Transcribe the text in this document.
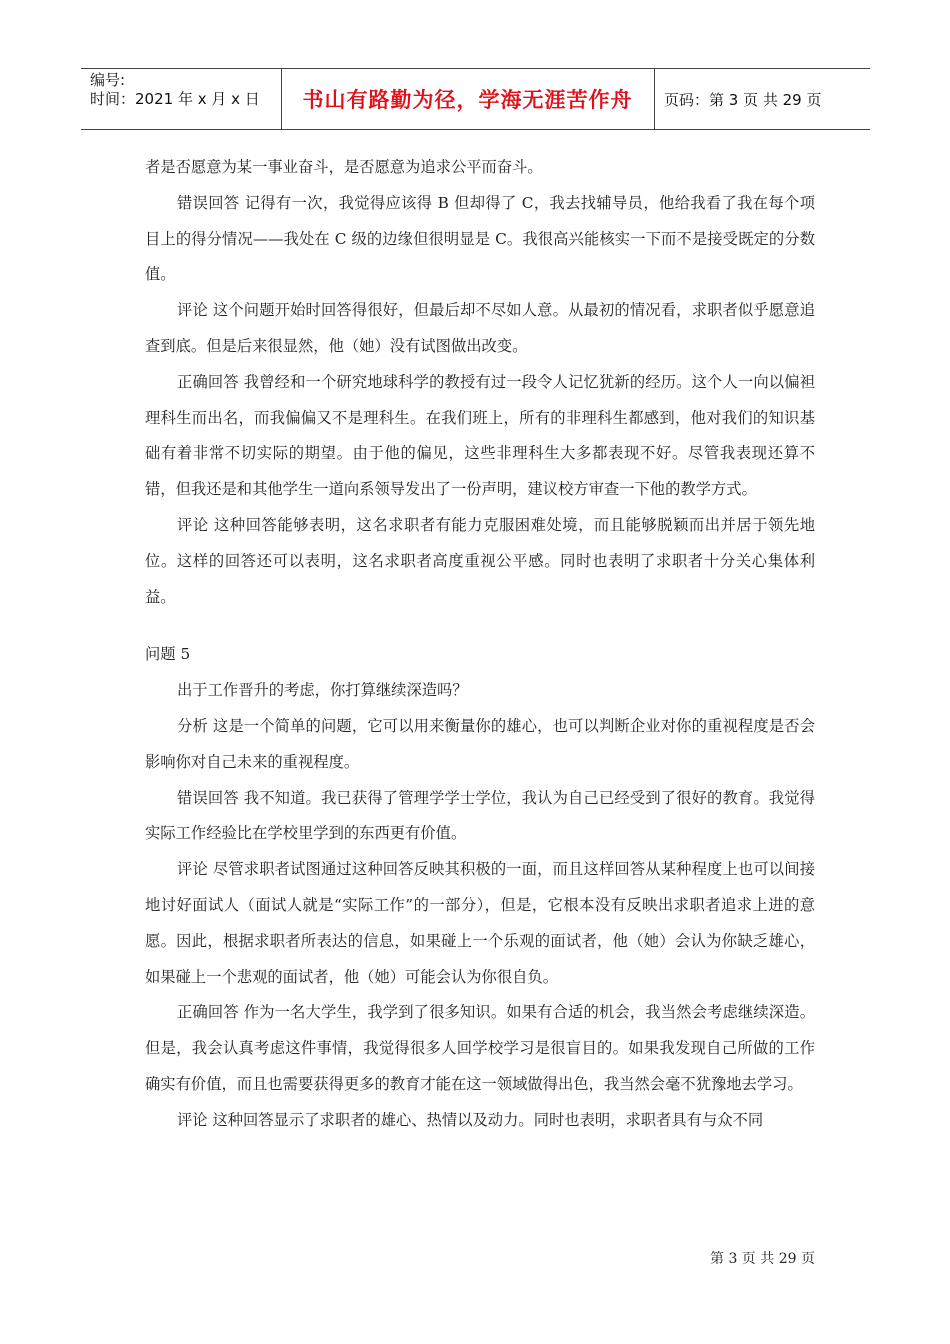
编号:
时间：2021 年 x 月 x 日 书山有路勤为径，学海无涯苦作舟 页码：第 3 页 共 29 页

者是否愿意为某一事业奋斗，是否愿意为追求公平而奋斗。

错误回答 记得有一次，我觉得应该得 B 但却得了 C，我去找辅导员，他给我看了我在每个项目上的得分情况——我处在 C 级的边缘但很明显是 C。我很高兴能核实一下而不是接受既定的分数值。

评论 这个问题开始时回答得很好，但最后却不尽如人意。从最初的情况看，求职者似乎愿意追查到底。但是后来很显然，他（她）没有试图做出改变。

正确回答 我曾经和一个研究地球科学的教授有过一段令人记忆犹新的经历。这个人一向以偏袒理科生而出名，而我偏偏又不是理科生。在我们班上，所有的非理科生都感到，他对我们的知识基础有着非常不切实际的期望。由于他的偏见，这些非理科生大多都表现不好。尽管我表现还算不错，但我还是和其他学生一道向系领导发出了一份声明，建议校方审查一下他的教学方式。

评论 这种回答能够表明，这名求职者有能力克服困难处境，而且能够脱颖而出并居于领先地位。这样的回答还可以表明，这名求职者高度重视公平感。同时也表明了求职者十分关心集体利益。

问题 5

出于工作晋升的考虑，你打算继续深造吗？

分析 这是一个简单的问题，它可以用来衡量你的雄心，也可以判断企业对你的重视程度是否会影响你对自己未来的重视程度。

错误回答 我不知道。我已获得了管理学学士学位，我认为自己已经受到了很好的教育。我觉得实际工作经验比在学校里学到的东西更有价值。

评论 尽管求职者试图通过这种回答反映其积极的一面，而且这样回答从某种程度上也可以间接地讨好面试人（面试人就是“实际工作”的一部分），但是，它根本没有反映出求职者追求上进的意愿。因此，根据求职者所表达的信息，如果碰上一个乐观的面试者，他（她）会认为你缺乏雄心，如果碰上一个悲观的面试者，他（她）可能会认为你很自负。

正确回答 作为一名大学生，我学到了很多知识。如果有合适的机会，我当然会考虑继续深造。但是，我会认真考虑这件事情，我觉得很多人回学校学习是很盲目的。如果我发现自己所做的工作确实有价值，而且也需要获得更多的教育才能在这一领域做得出色，我当然会毫不犹豫地去学习。

评论 这种回答显示了求职者的雄心、热情以及动力。同时也表明，求职者具有与众不同

第 3 页 共 29 页
